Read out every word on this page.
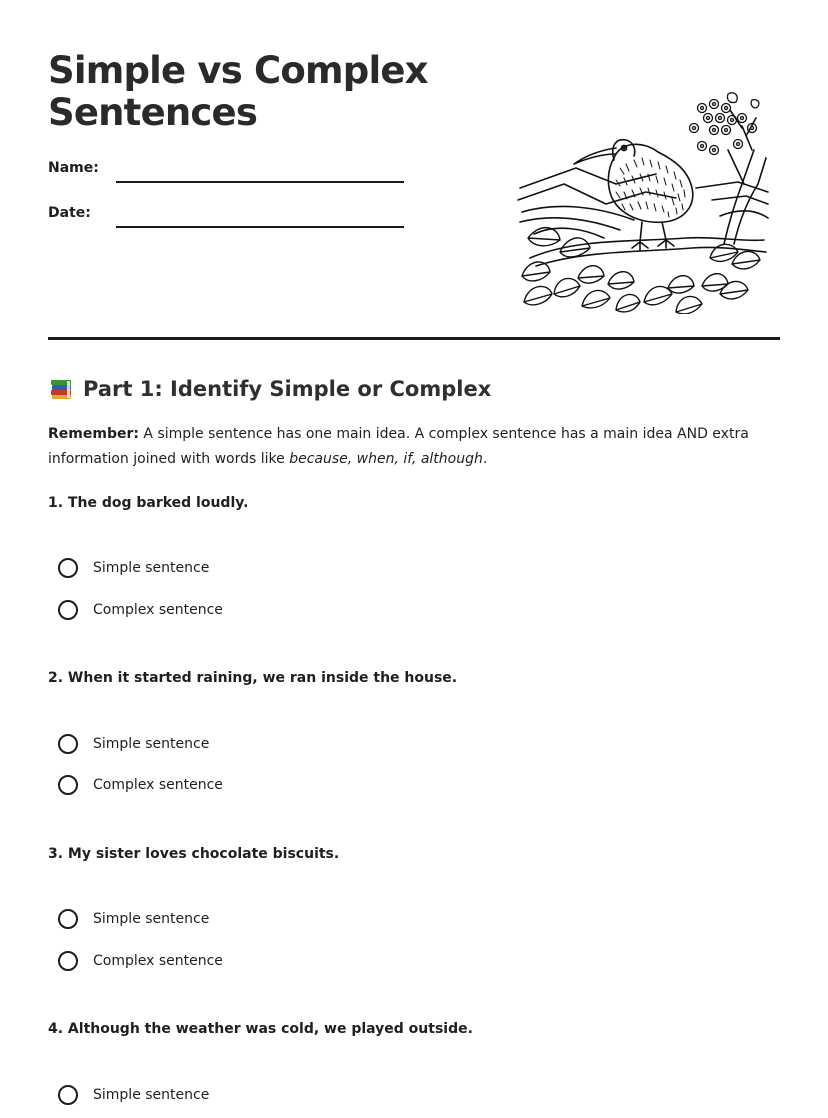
Simple vs Complex Sentences
Name:
Date:
Part 1: Identify Simple or Complex

Remember: A simple sentence has one main idea. A complex sentence has a main idea AND extra information joined with words like because, when, if, although.

1. The dog barked loudly.

Simple sentence
Complex sentence

2. When it started raining, we ran inside the house.

Simple sentence
Complex sentence

3. My sister loves chocolate biscuits.

Simple sentence
Complex sentence

4. Although the weather was cold, we played outside.

Simple sentence
